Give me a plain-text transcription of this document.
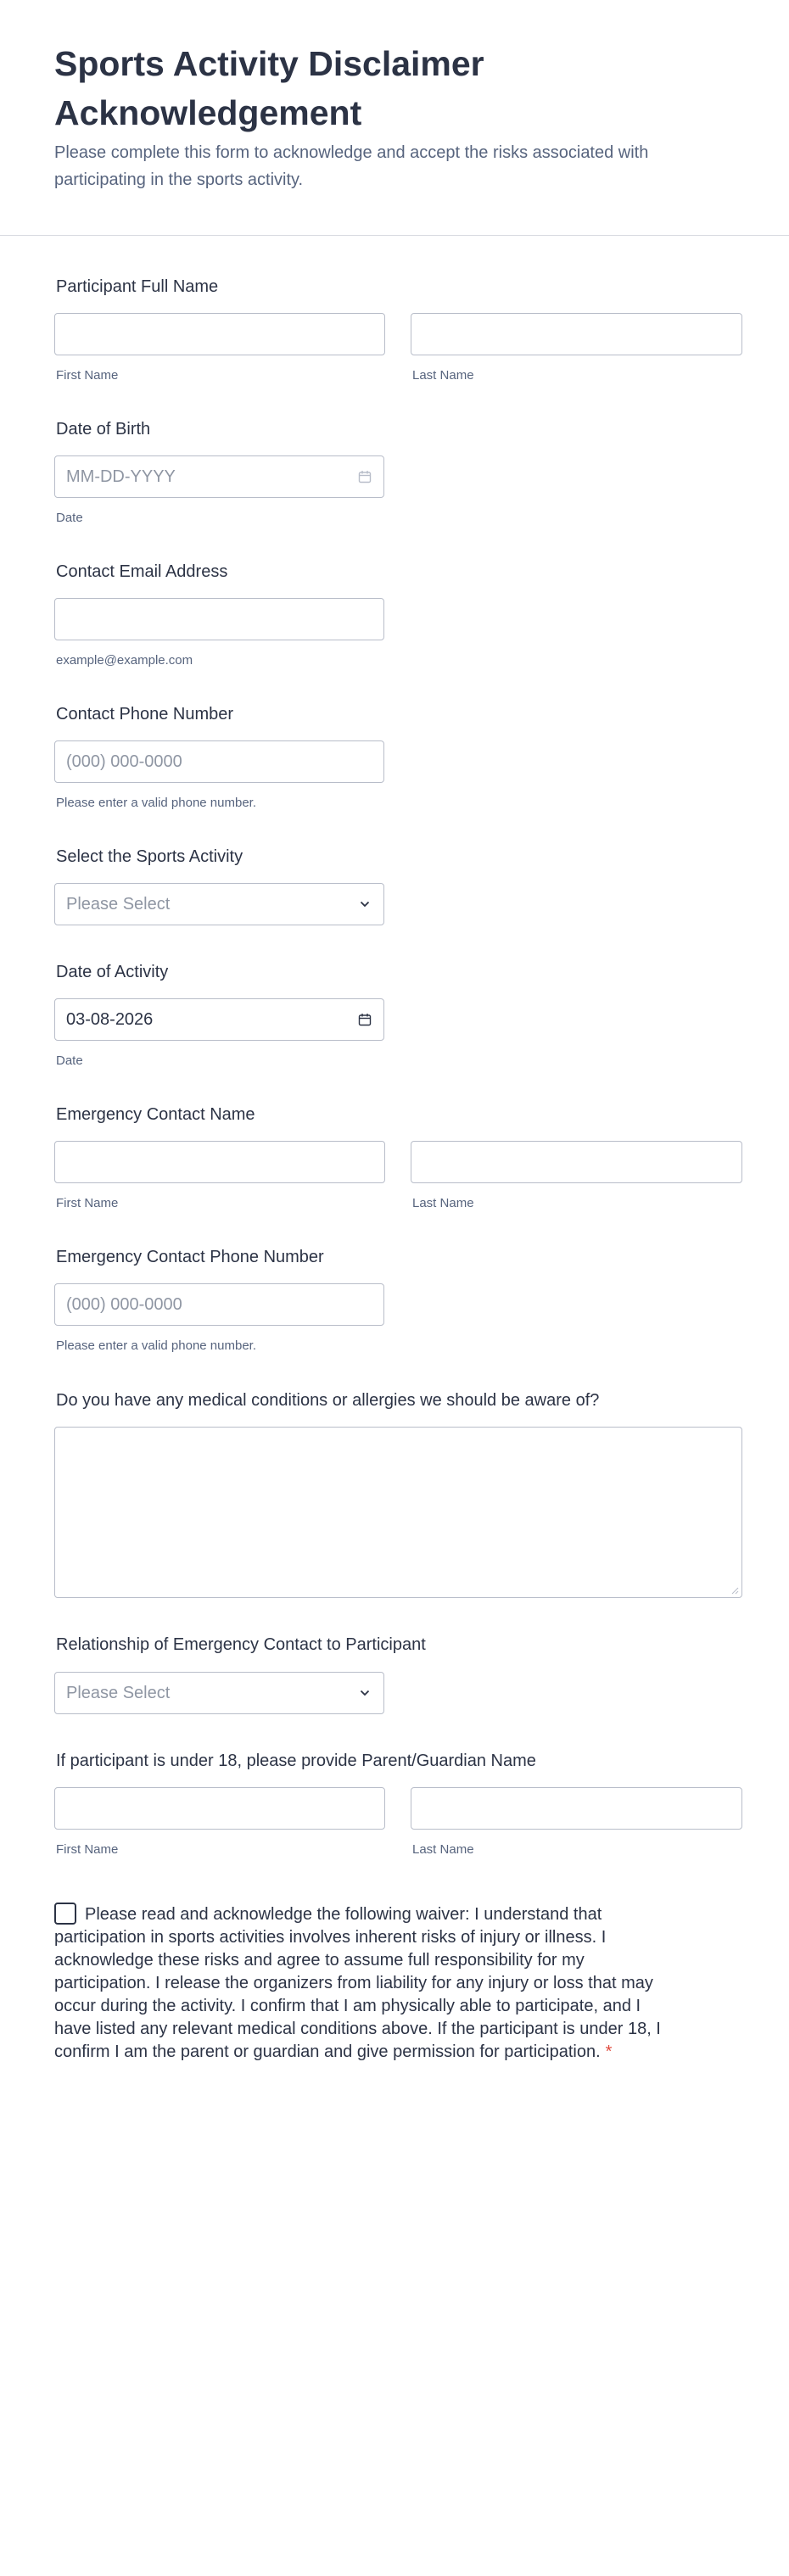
Sports Activity Disclaimer Acknowledgement

Please complete this form to acknowledge and accept the risks associated with participating in the sports activity.

Participant Full Name
First Name	Last Name
Date of Birth
MM-DD-YYYY
Date
Contact Email Address
example@example.com
Contact Phone Number
(000) 000-0000
Please enter a valid phone number.
Select the Sports Activity
Please Select
Date of Activity
03-08-2026
Date
Emergency Contact Name
First Name	Last Name
Emergency Contact Phone Number
(000) 000-0000
Please enter a valid phone number.
Do you have any medical conditions or allergies we should be aware of?
Relationship of Emergency Contact to Participant
Please Select
If participant is under 18, please provide Parent/Guardian Name
First Name	Last Name
Please read and acknowledge the following waiver: I understand that participation in sports activities involves inherent risks of injury or illness. I acknowledge these risks and agree to assume full responsibility for my participation. I release the organizers from liability for any injury or loss that may occur during the activity. I confirm that I am physically able to participate, and I have listed any relevant medical conditions above. If the participant is under 18, I confirm I am the parent or guardian and give permission for participation. *
